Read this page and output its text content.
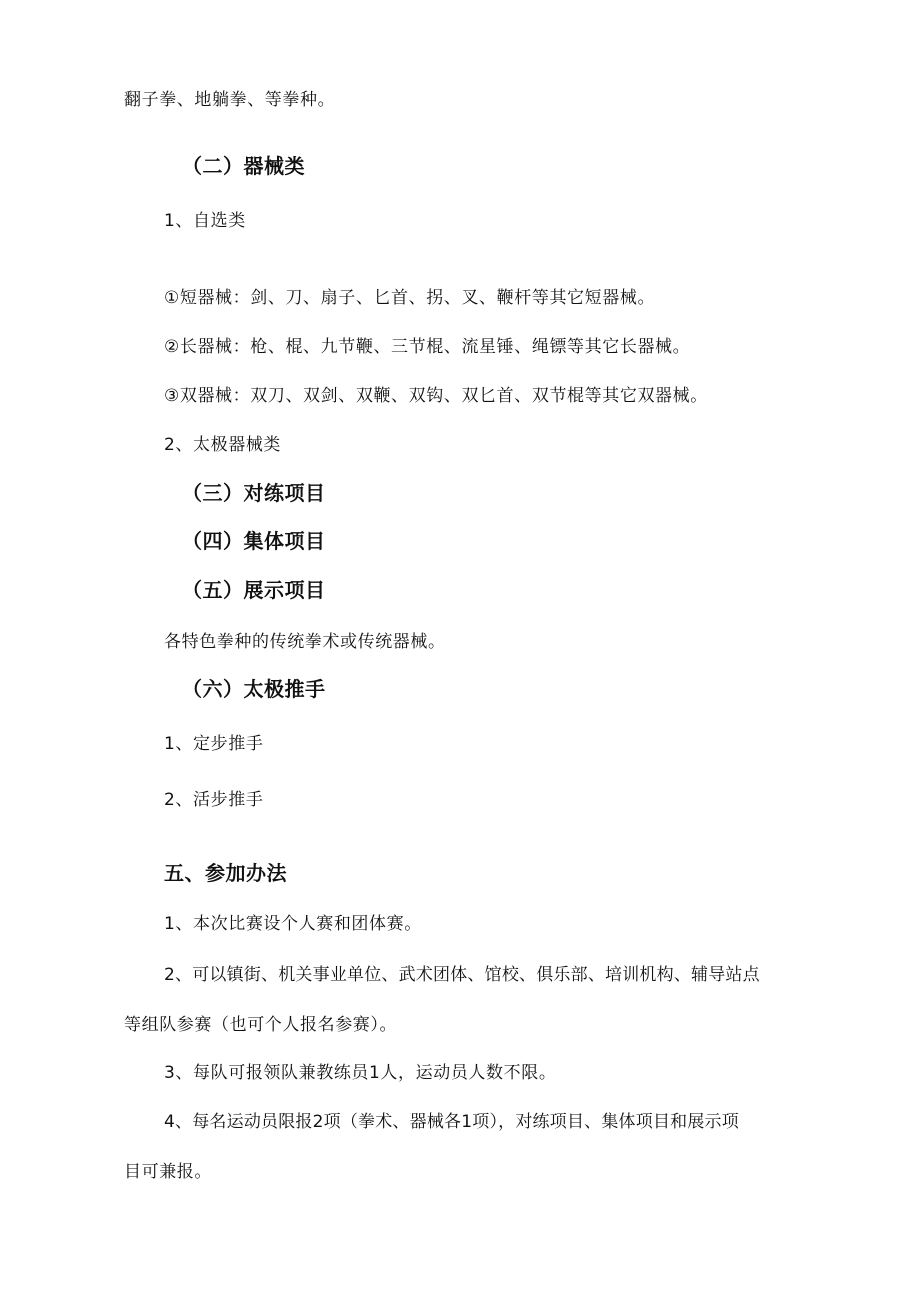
翻子拳、地躺拳、等拳种。
（二）器械类
1、自选类
①短器械：剑、刀、扇子、匕首、拐、叉、鞭杆等其它短器械。
②长器械：枪、棍、九节鞭、三节棍、流星锤、绳镖等其它长器械。
③双器械：双刀、双剑、双鞭、双钩、双匕首、双节棍等其它双器械。
2、太极器械类
（三）对练项目
（四）集体项目
（五）展示项目
各特色拳种的传统拳术或传统器械。
（六）太极推手
1、定步推手
2、活步推手
五、参加办法
1、本次比赛设个人赛和团体赛。
2、可以镇街、机关事业单位、武术团体、馆校、俱乐部、培训机构、辅导站点
等组队参赛（也可个人报名参赛）。
3、每队可报领队兼教练员1人，运动员人数不限。
4、每名运动员限报2项（拳术、器械各1项），对练项目、集体项目和展示项
目可兼报。
